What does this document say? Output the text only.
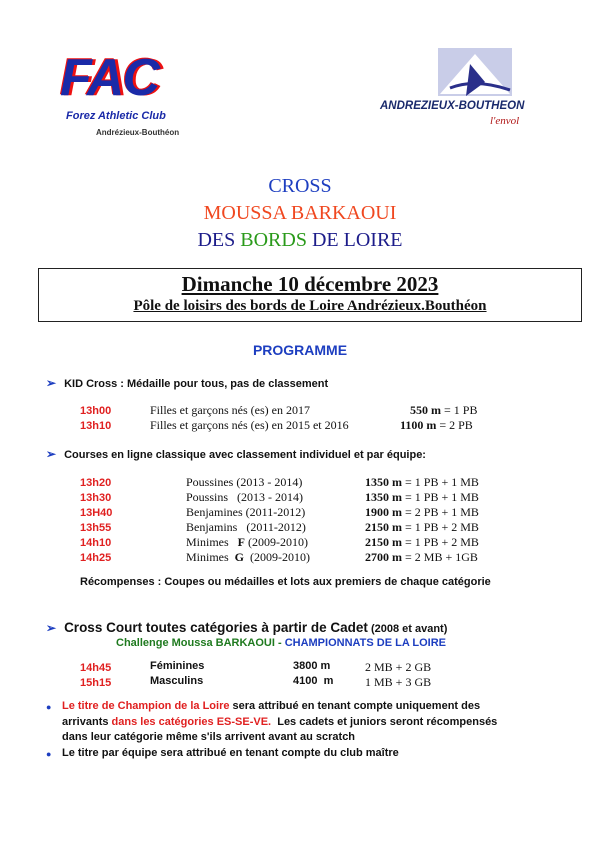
FAC
Forez Athletic Club
Andrézieux-Bouthéon
ANDREZIEUX-BOUTHEON
l'envol
CROSS
MOUSSA BARKAOUI
DES BORDS DE LOIRE
Dimanche 10 décembre 2023
Pôle de loisirs des bords de Loire Andrézieux.Bouthéon
PROGRAMME
➢ KID Cross : Médaille pour tous, pas de classement
13h00	Filles et garçons nés (es) en 2017	550 m = 1 PB
13h10	Filles et garçons nés (es) en 2015 et 2016	1100 m = 2 PB
➢ Courses en ligne classique avec classement individuel et par équipe:
13h20	Poussines (2013 - 2014)	1350 m = 1 PB + 1 MB
13h30	Poussins   (2013 - 2014)	1350 m = 1 PB + 1 MB
13H40	Benjamines (2011-2012)	1900 m = 2 PB + 1 MB
13h55	Benjamins   (2011-2012)	2150 m = 1 PB + 2 MB
14h10	Minimes   F (2009-2010)	2150 m = 1 PB + 2 MB
14h25	Minimes  G  (2009-2010)	2700 m = 2 MB + 1GB
Récompenses : Coupes ou médailles et lots aux premiers de chaque catégorie
➢ Cross Court toutes catégories à partir de Cadet (2008 et avant)
Challenge Moussa BARKAOUI - CHAMPIONNATS DE LA LOIRE
14h45	Féminines	3800 m	2 MB + 2 GB
15h15	Masculins	4100  m	1 MB + 3 GB
● Le titre de Champion de la Loire sera attribué en tenant compte uniquement des
arrivants dans les catégories ES-SE-VE.  Les cadets et juniors seront récompensés
dans leur catégorie même s'ils arrivent avant au scratch
● Le titre par équipe sera attribué en tenant compte du club maître
